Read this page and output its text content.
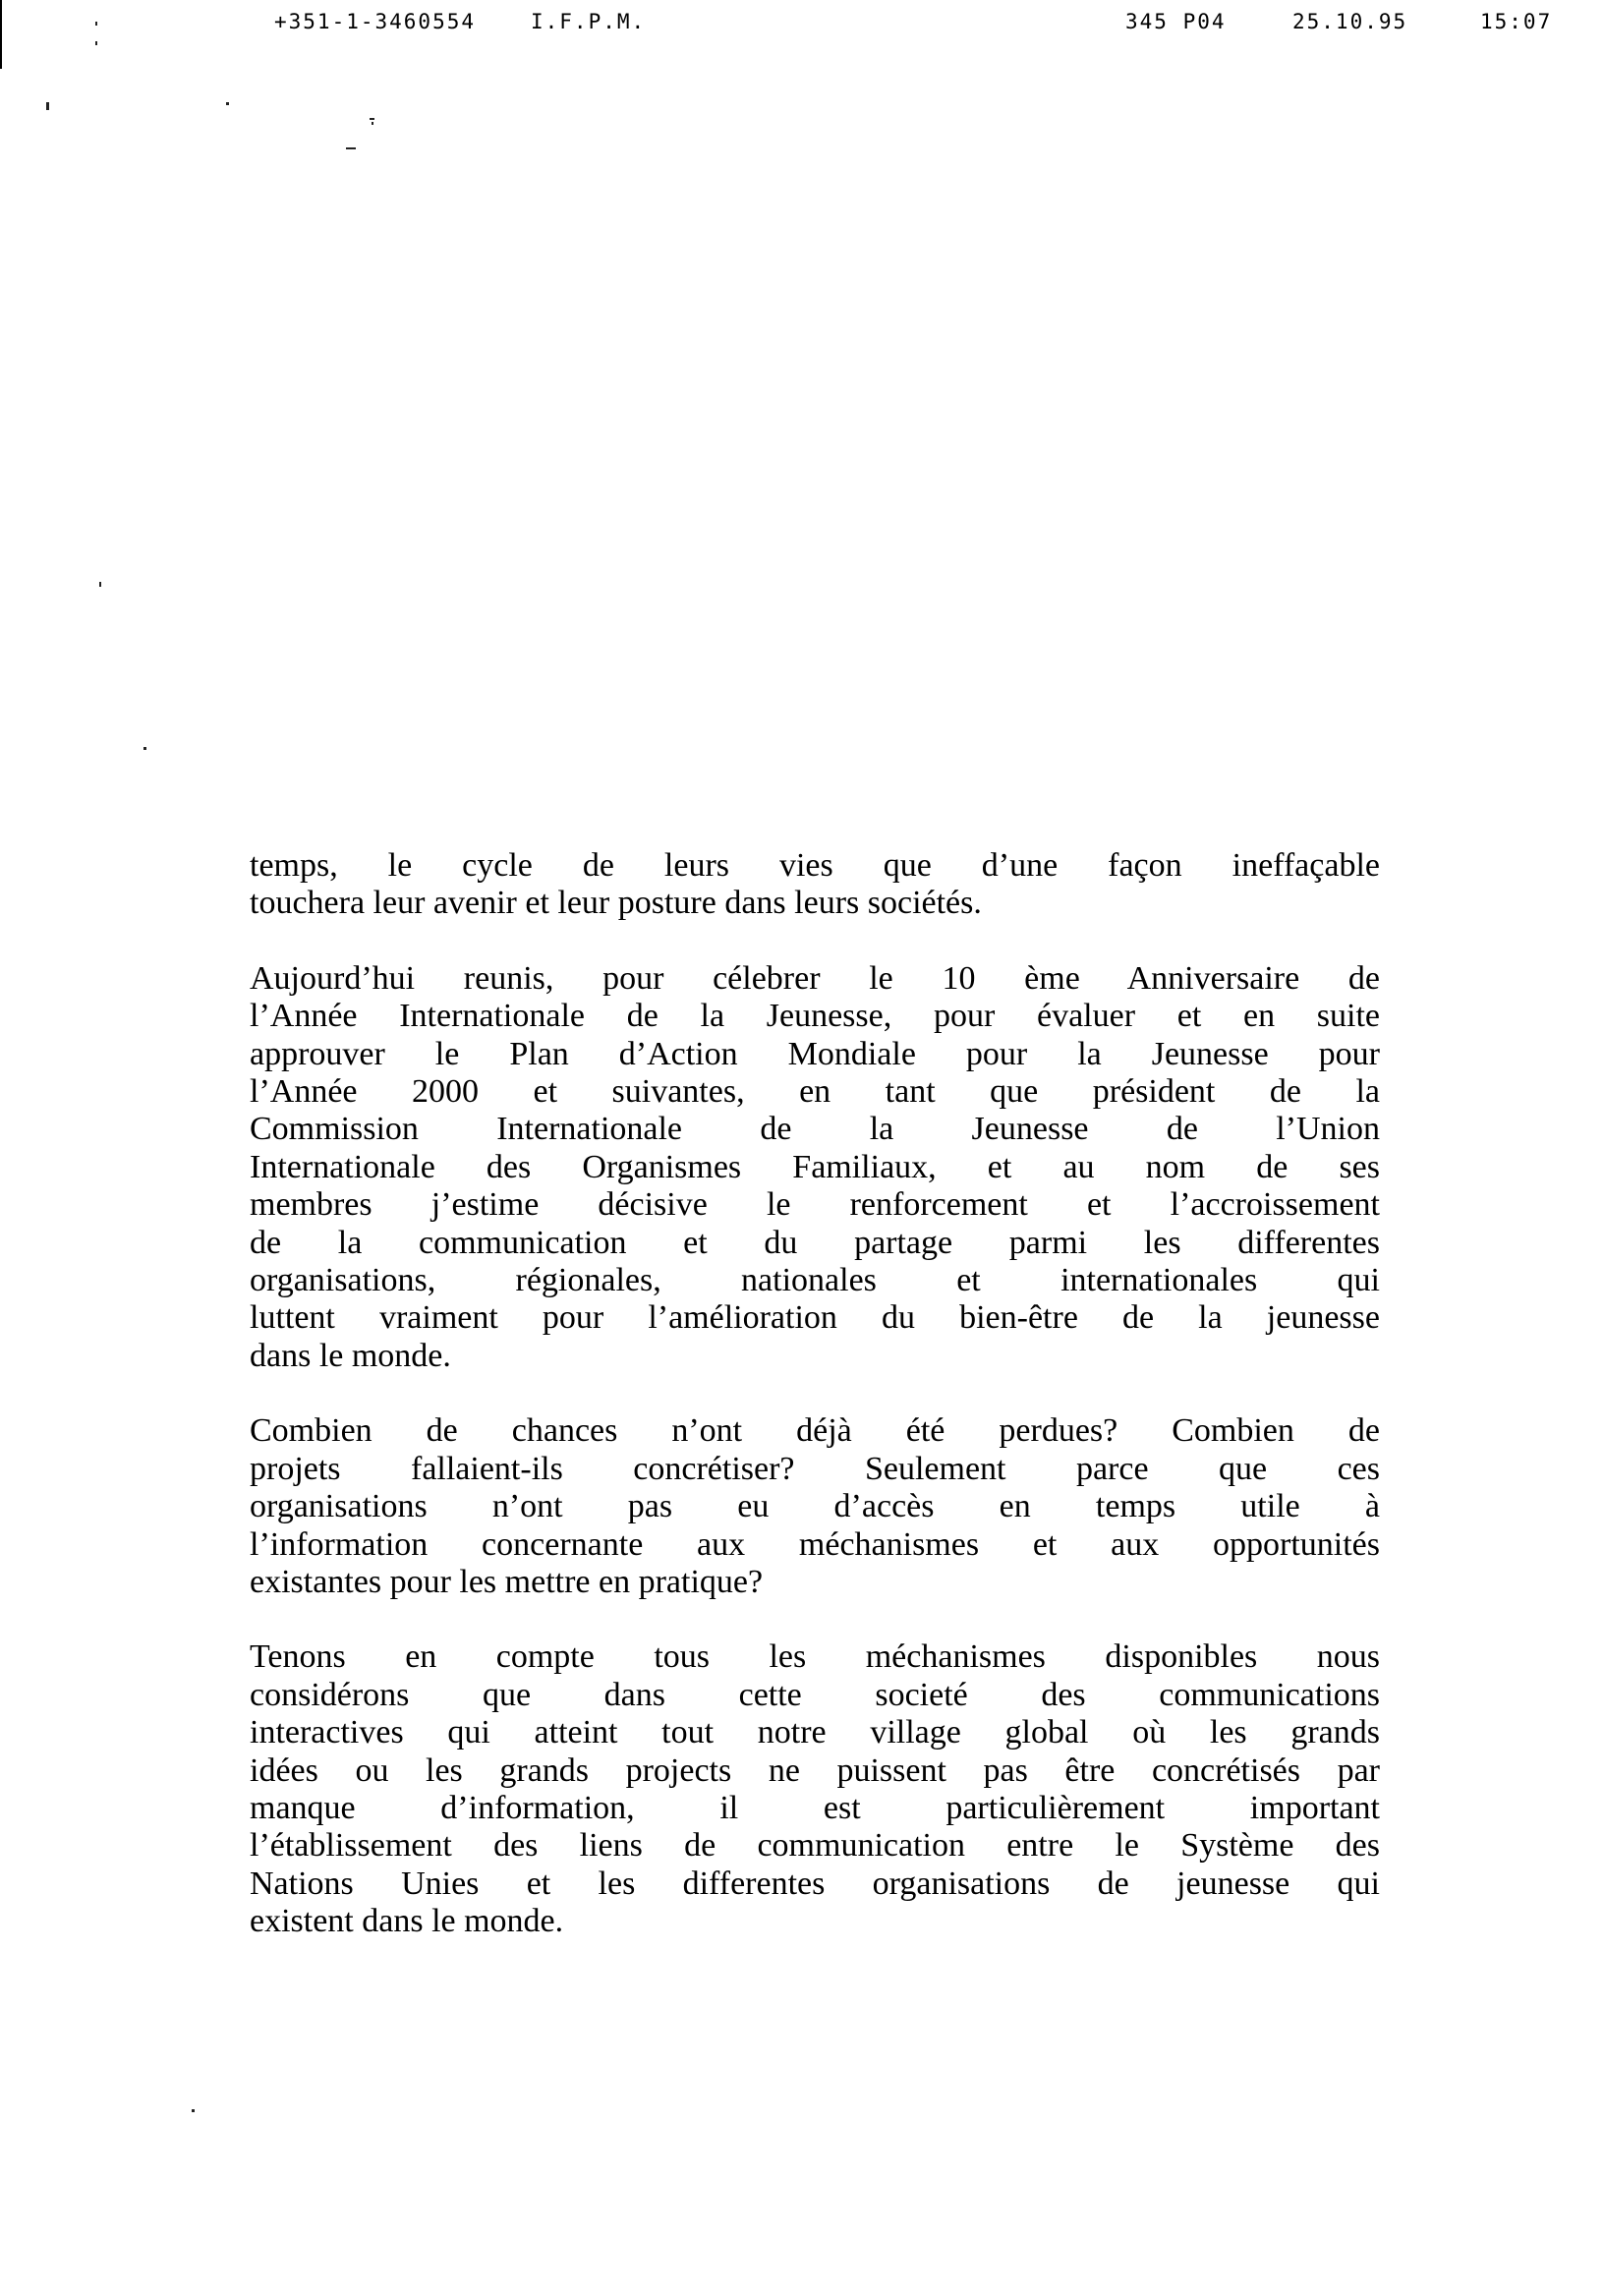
+351-1-3460554	I.F.P.M.	345 P04	25.10.95	15:07
temps, le cycle de leurs vies que d’une façon ineffaçable
touchera leur avenir et leur posture dans leurs sociétés.
Aujourd’hui reunis, pour célebrer le 10 ème Anniversaire de
l’Année Internationale de la Jeunesse, pour évaluer et en suite
approuver le Plan d’Action Mondiale pour la Jeunesse pour
l’Année 2000 et suivantes, en tant que président de la
Commission Internationale de la Jeunesse de l’Union
Internationale des Organismes Familiaux, et au nom de ses
membres j’estime décisive le renforcement et l’accroissement
de la communication et du partage parmi les differentes
organisations, régionales, nationales et internationales qui
luttent vraiment pour l’amélioration du bien-être de la jeunesse
dans le monde.
Combien de chances n’ont déjà été perdues? Combien de
projets fallaient-ils concrétiser? Seulement parce que ces
organisations n’ont pas eu d’accès en temps utile à
l’information concernante aux méchanismes et aux opportunités
existantes pour les mettre en pratique?
Tenons en compte tous les méchanismes disponibles nous
considérons que dans cette societé des communications
interactives qui atteint tout notre village global où les grands
idées ou les grands projects ne puissent pas être concrétisés par
manque d’information, il est particulièrement important
l’établissement des liens de communication entre le Système des
Nations Unies et les differentes organisations de jeunesse qui
existent dans le monde.
